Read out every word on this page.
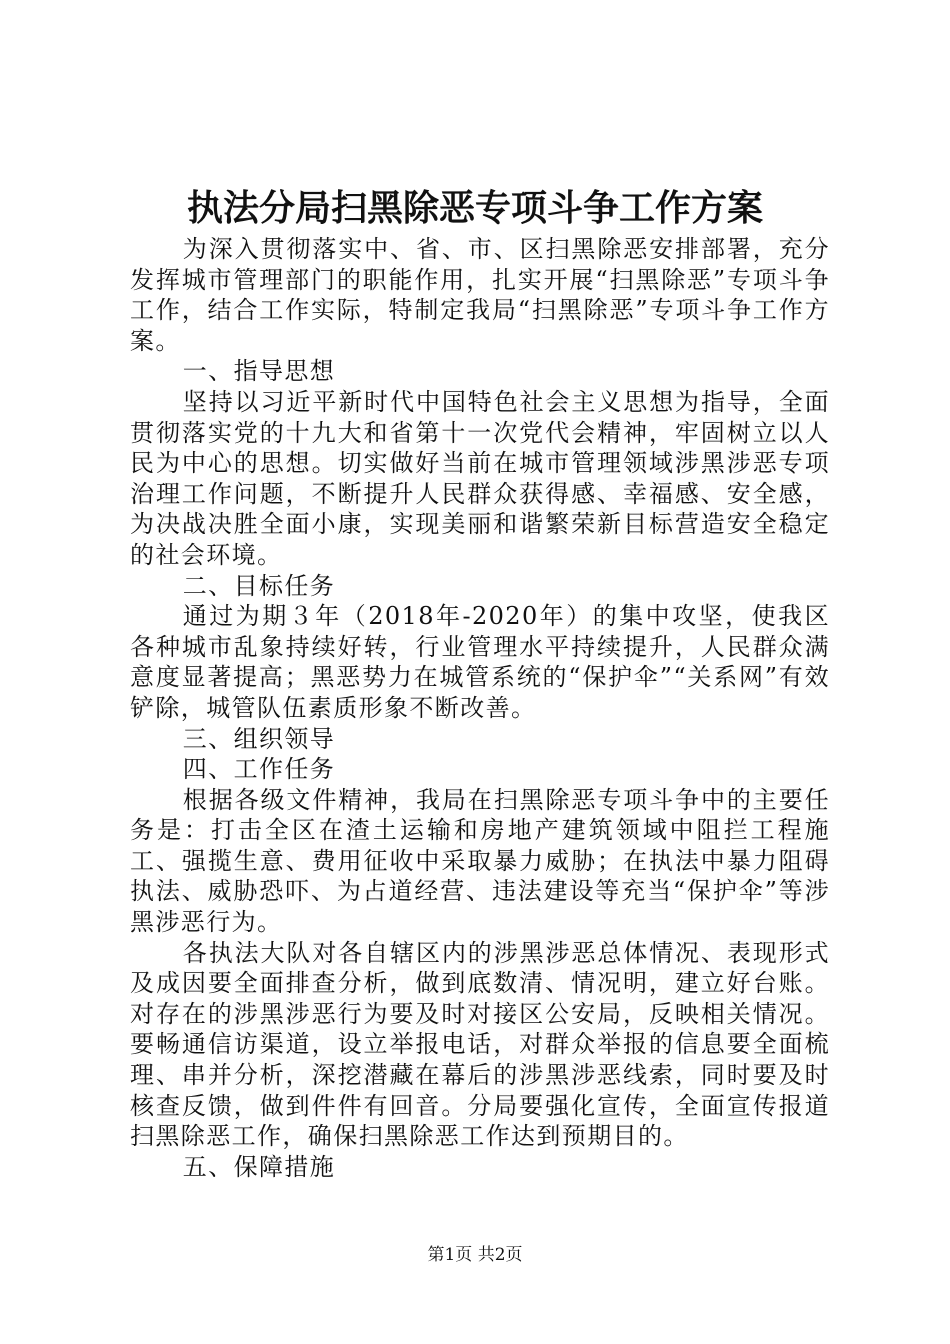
执法分局扫黑除恶专项斗争工作方案

为深入贯彻落实中、省、市、区扫黑除恶安排部署，充分发挥城市管理部门的职能作用，扎实开展“扫黑除恶”专项斗争工作，结合工作实际，特制定我局“扫黑除恶”专项斗争工作方案。

一、指导思想

坚持以习近平新时代中国特色社会主义思想为指导，全面贯彻落实党的十九大和省第十一次党代会精神，牢固树立以人民为中心的思想。切实做好当前在城市管理领域涉黑涉恶专项治理工作问题，不断提升人民群众获得感、幸福感、安全感，为决战决胜全面小康，实现美丽和谐繁荣新目标营造安全稳定的社会环境。

二、目标任务

通过为期３年（2018年-2020年）的集中攻坚，使我区各种城市乱象持续好转，行业管理水平持续提升，人民群众满意度显著提高；黑恶势力在城管系统的“保护伞”“关系网”有效铲除，城管队伍素质形象不断改善。

三、组织领导

四、工作任务

根据各级文件精神，我局在扫黑除恶专项斗争中的主要任务是：打击全区在渣土运输和房地产建筑领域中阻拦工程施工、强揽生意、费用征收中采取暴力威胁；在执法中暴力阻碍执法、威胁恐吓、为占道经营、违法建设等充当“保护伞”等涉黑涉恶行为。

各执法大队对各自辖区内的涉黑涉恶总体情况、表现形式及成因要全面排查分析，做到底数清、情况明，建立好台账。对存在的涉黑涉恶行为要及时对接区公安局，反映相关情况。要畅通信访渠道，设立举报电话，对群众举报的信息要全面梳理、串并分析，深挖潜藏在幕后的涉黑涉恶线索，同时要及时核查反馈，做到件件有回音。分局要强化宣传，全面宣传报道扫黑除恶工作，确保扫黑除恶工作达到预期目的。

五、保障措施

第1页 共2页
